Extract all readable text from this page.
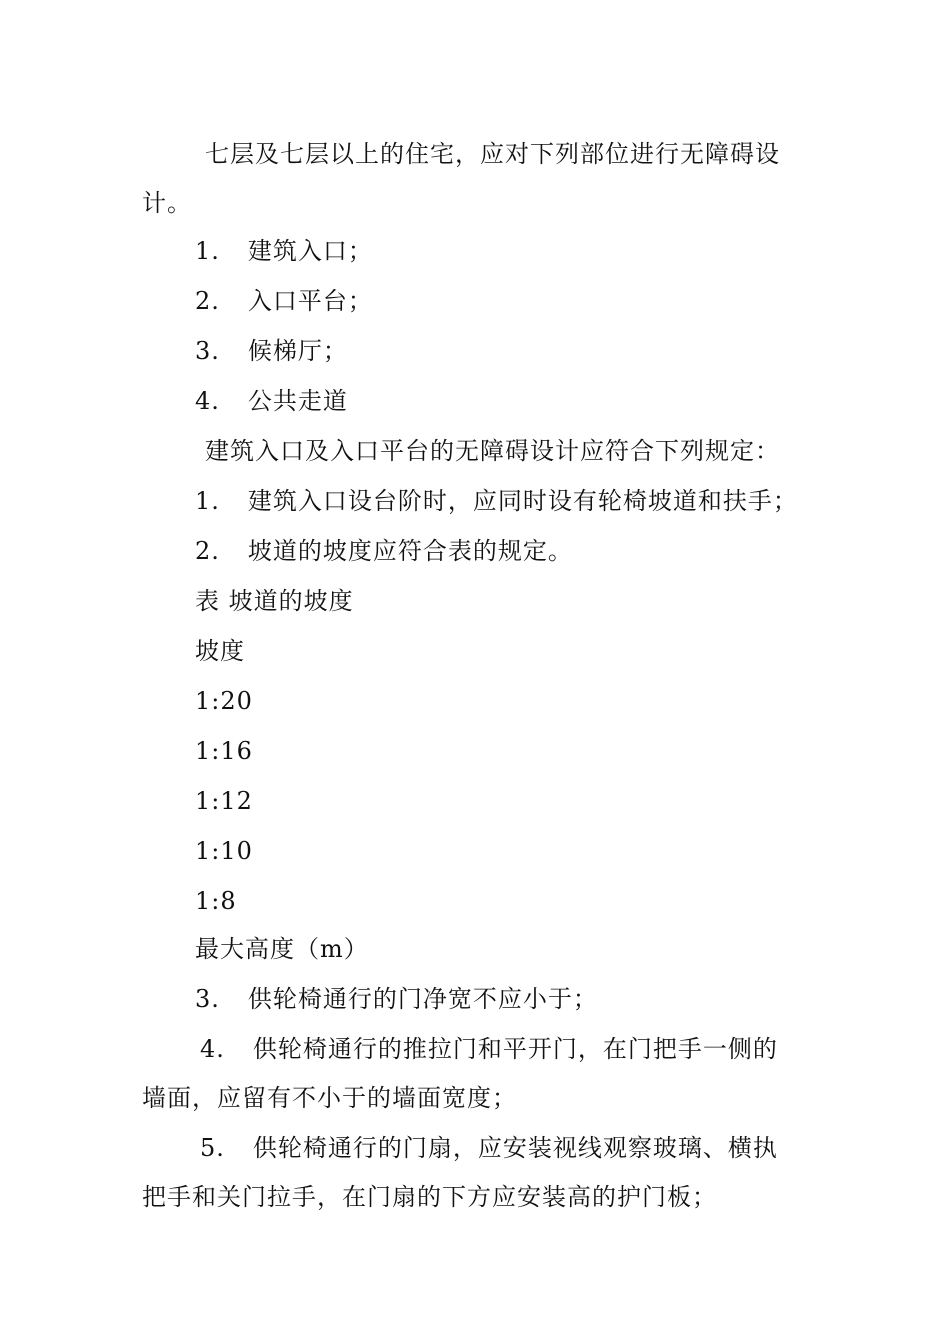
七层及七层以上的住宅，应对下列部位进行无障碍设
计。
1. 建筑入口；
2. 入口平台；
3. 候梯厅；
4. 公共走道
建筑入口及入口平台的无障碍设计应符合下列规定：
1. 建筑入口设台阶时，应同时设有轮椅坡道和扶手；
2. 坡道的坡度应符合表的规定。
表 坡道的坡度
坡度
1:20
1:16
1:12
1:10
1:8
最大高度（m）
3. 供轮椅通行的门净宽不应小于；
4. 供轮椅通行的推拉门和平开门，在门把手一侧的
墙面，应留有不小于的墙面宽度；
5. 供轮椅通行的门扇，应安装视线观察玻璃、横执
把手和关门拉手，在门扇的下方应安装高的护门板；
